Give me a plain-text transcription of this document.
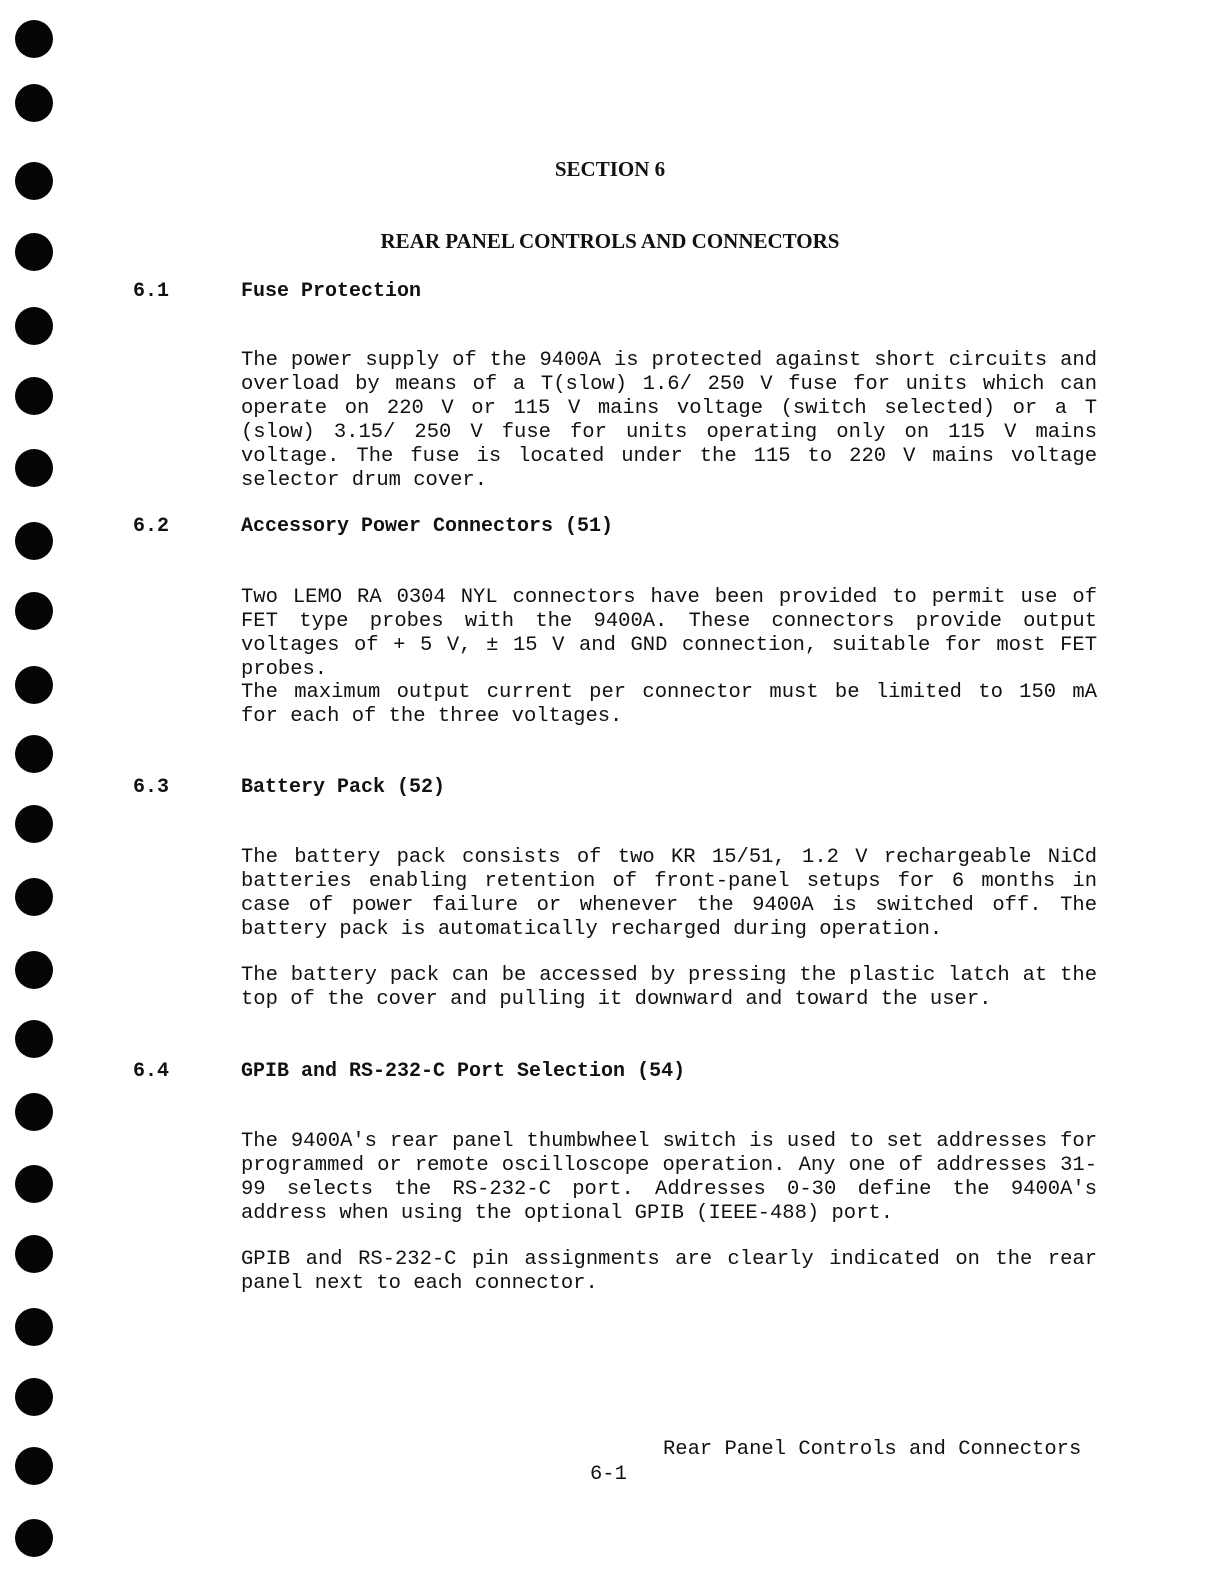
SECTION 6
REAR PANEL CONTROLS AND CONNECTORS
6.1	Fuse Protection

The power supply of the 9400A is protected against short circuits and overload by means of a T(slow) 1.6/ 250 V fuse for units which can operate on 220 V or 115 V mains voltage (switch selected) or a T (slow) 3.15/ 250 V fuse for units operating only on 115 V mains voltage. The fuse is located under the 115 to 220 V mains voltage selector drum cover.

6.2	Accessory Power Connectors (51)

Two LEMO RA 0304 NYL connectors have been provided to permit use of FET type probes with the 9400A. These connectors provide output voltages of + 5 V, ± 15 V and GND connection, suitable for most FET probes.

The maximum output current per connector must be limited to 150 mA for each of the three voltages.

6.3	Battery Pack (52)

The battery pack consists of two KR 15/51, 1.2 V rechargeable NiCd batteries enabling retention of front-panel setups for 6 months in case of power failure or whenever the 9400A is switched off. The battery pack is automatically recharged during operation.

The battery pack can be accessed by pressing the plastic latch at the top of the cover and pulling it downward and toward the user.

6.4	GPIB and RS-232-C Port Selection (54)

The 9400A's rear panel thumbwheel switch is used to set addresses for programmed or remote oscilloscope operation. Any one of addresses 31-99 selects the RS-232-C port. Addresses 0-30 define the 9400A's address when using the optional GPIB (IEEE-488) port.

GPIB and RS-232-C pin assignments are clearly indicated on the rear panel next to each connector.

Rear Panel Controls and Connectors
6-1
